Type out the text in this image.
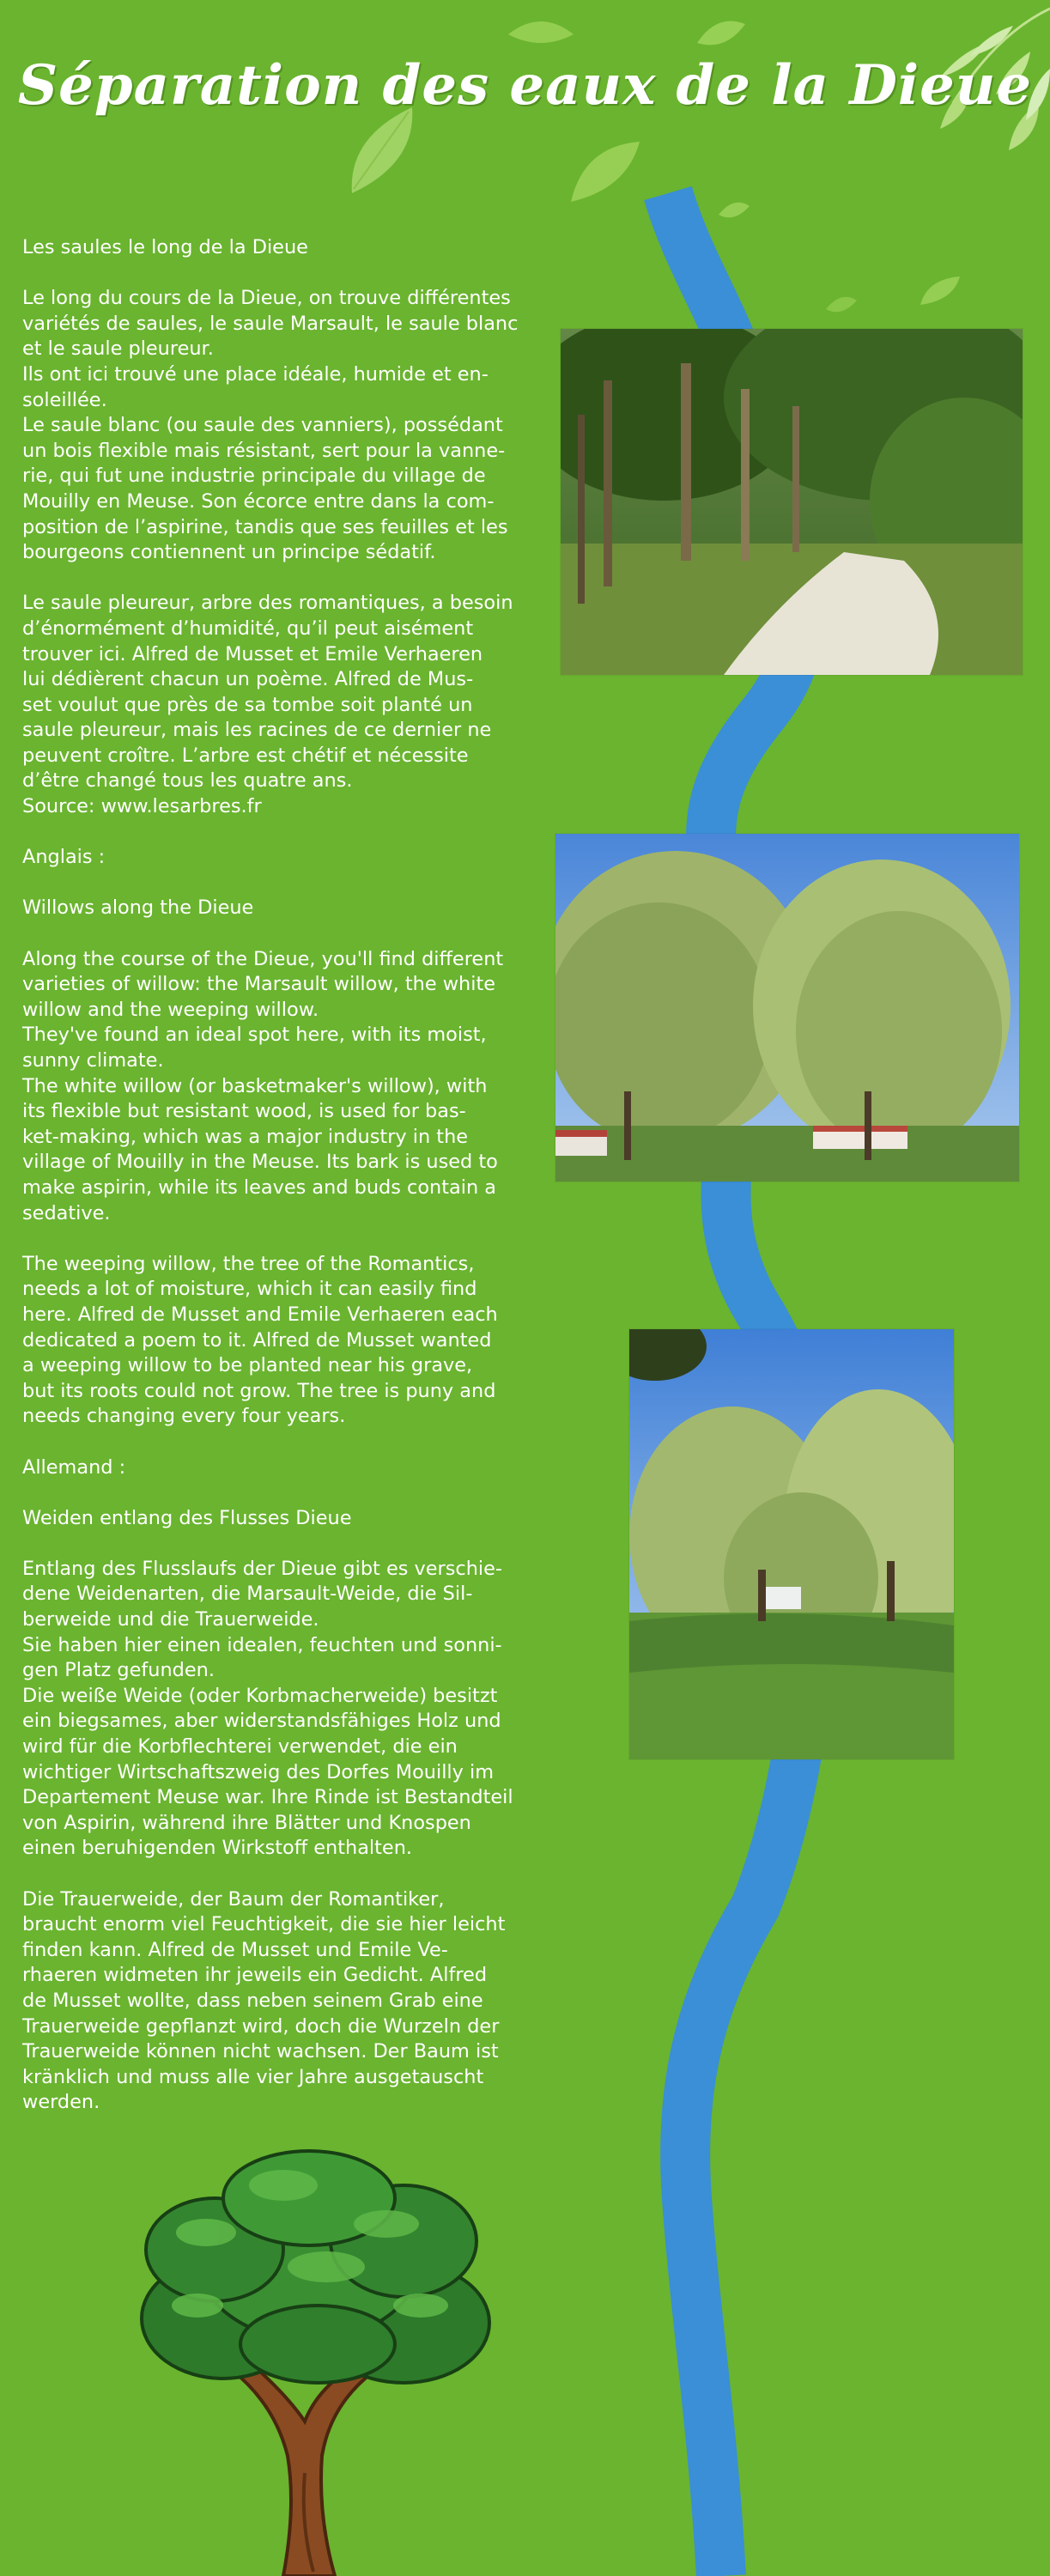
Séparation des eaux de la Dieue

Les saules le long de la Dieue

Le long du cours de la Dieue, on trouve différentes

variétés de saules, le saule Marsault, le saule blanc

et le saule pleureur.

Ils ont ici trouvé une place idéale, humide et en-

soleillée.

Le saule blanc (ou saule des vanniers), possédant

un bois flexible mais résistant, sert pour la vanne-

rie, qui fut une industrie principale du village de

Mouilly en Meuse. Son écorce entre dans la com-

position de l’aspirine, tandis que ses feuilles et les

bourgeons contiennent un principe sédatif.

Le saule pleureur, arbre des romantiques, a besoin

d’énormément d’humidité, qu’il peut aisément

trouver ici. Alfred de Musset et Emile Verhaeren

lui dédièrent chacun un poème. Alfred de Mus-

set voulut que près de sa tombe soit planté un

saule pleureur, mais les racines de ce dernier ne

peuvent croître. L’arbre est chétif et nécessite

d’être changé tous les quatre ans.

Source: www.lesarbres.fr

Anglais :

Willows along the Dieue

Along the course of the Dieue, you'll find different

varieties of willow: the Marsault willow, the white

willow and the weeping willow.

They've found an ideal spot here, with its moist,

sunny climate.

The white willow (or basketmaker's willow), with

its flexible but resistant wood, is used for bas-

ket-making, which was a major industry in the

village of Mouilly in the Meuse. Its bark is used to

make aspirin, while its leaves and buds contain a

sedative.

The weeping willow, the tree of the Romantics,

needs a lot of moisture, which it can easily find

here. Alfred de Musset and Emile Verhaeren each

dedicated a poem to it. Alfred de Musset wanted

a weeping willow to be planted near his grave,

but its roots could not grow. The tree is puny and

needs changing every four years.

Allemand :

Weiden entlang des Flusses Dieue

Entlang des Flusslaufs der Dieue gibt es verschie-

dene Weidenarten, die Marsault-Weide, die Sil-

berweide und die Trauerweide.

Sie haben hier einen idealen, feuchten und sonni-

gen Platz gefunden.

Die weiße Weide (oder Korbmacherweide) besitzt

ein biegsames, aber widerstandsfähiges Holz und

wird für die Korbflechterei verwendet, die ein

wichtiger Wirtschaftszweig des Dorfes Mouilly im

Departement Meuse war. Ihre Rinde ist Bestandteil

von Aspirin, während ihre Blätter und Knospen

einen beruhigenden Wirkstoff enthalten.

Die Trauerweide, der Baum der Romantiker,

braucht enorm viel Feuchtigkeit, die sie hier leicht

finden kann. Alfred de Musset und Emile Ve-

rhaeren widmeten ihr jeweils ein Gedicht. Alfred

de Musset wollte, dass neben seinem Grab eine

Trauerweide gepflanzt wird, doch die Wurzeln der

Trauerweide können nicht wachsen. Der Baum ist

kränklich und muss alle vier Jahre ausgetauscht

werden.
